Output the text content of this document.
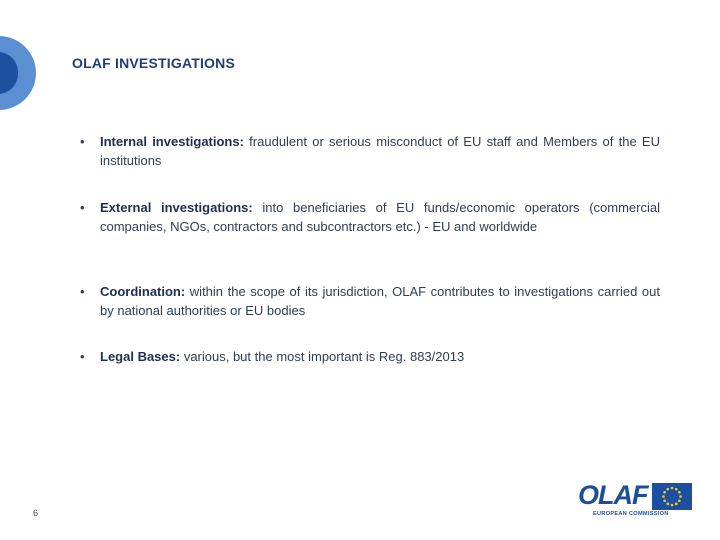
OLAF INVESTIGATIONS
• Internal investigations: fraudulent or serious misconduct of EU staff and Members of the EU institutions
• External investigations: into beneficiaries of EU funds/economic operators (commercial companies, NGOs, contractors and subcontractors etc.) - EU and worldwide
• Coordination: within the scope of its jurisdiction, OLAF contributes to investigations carried out by national authorities or EU bodies
• Legal Bases: various, but the most important is Reg. 883/2013
6
OLAF
EUROPEAN COMMISSION
